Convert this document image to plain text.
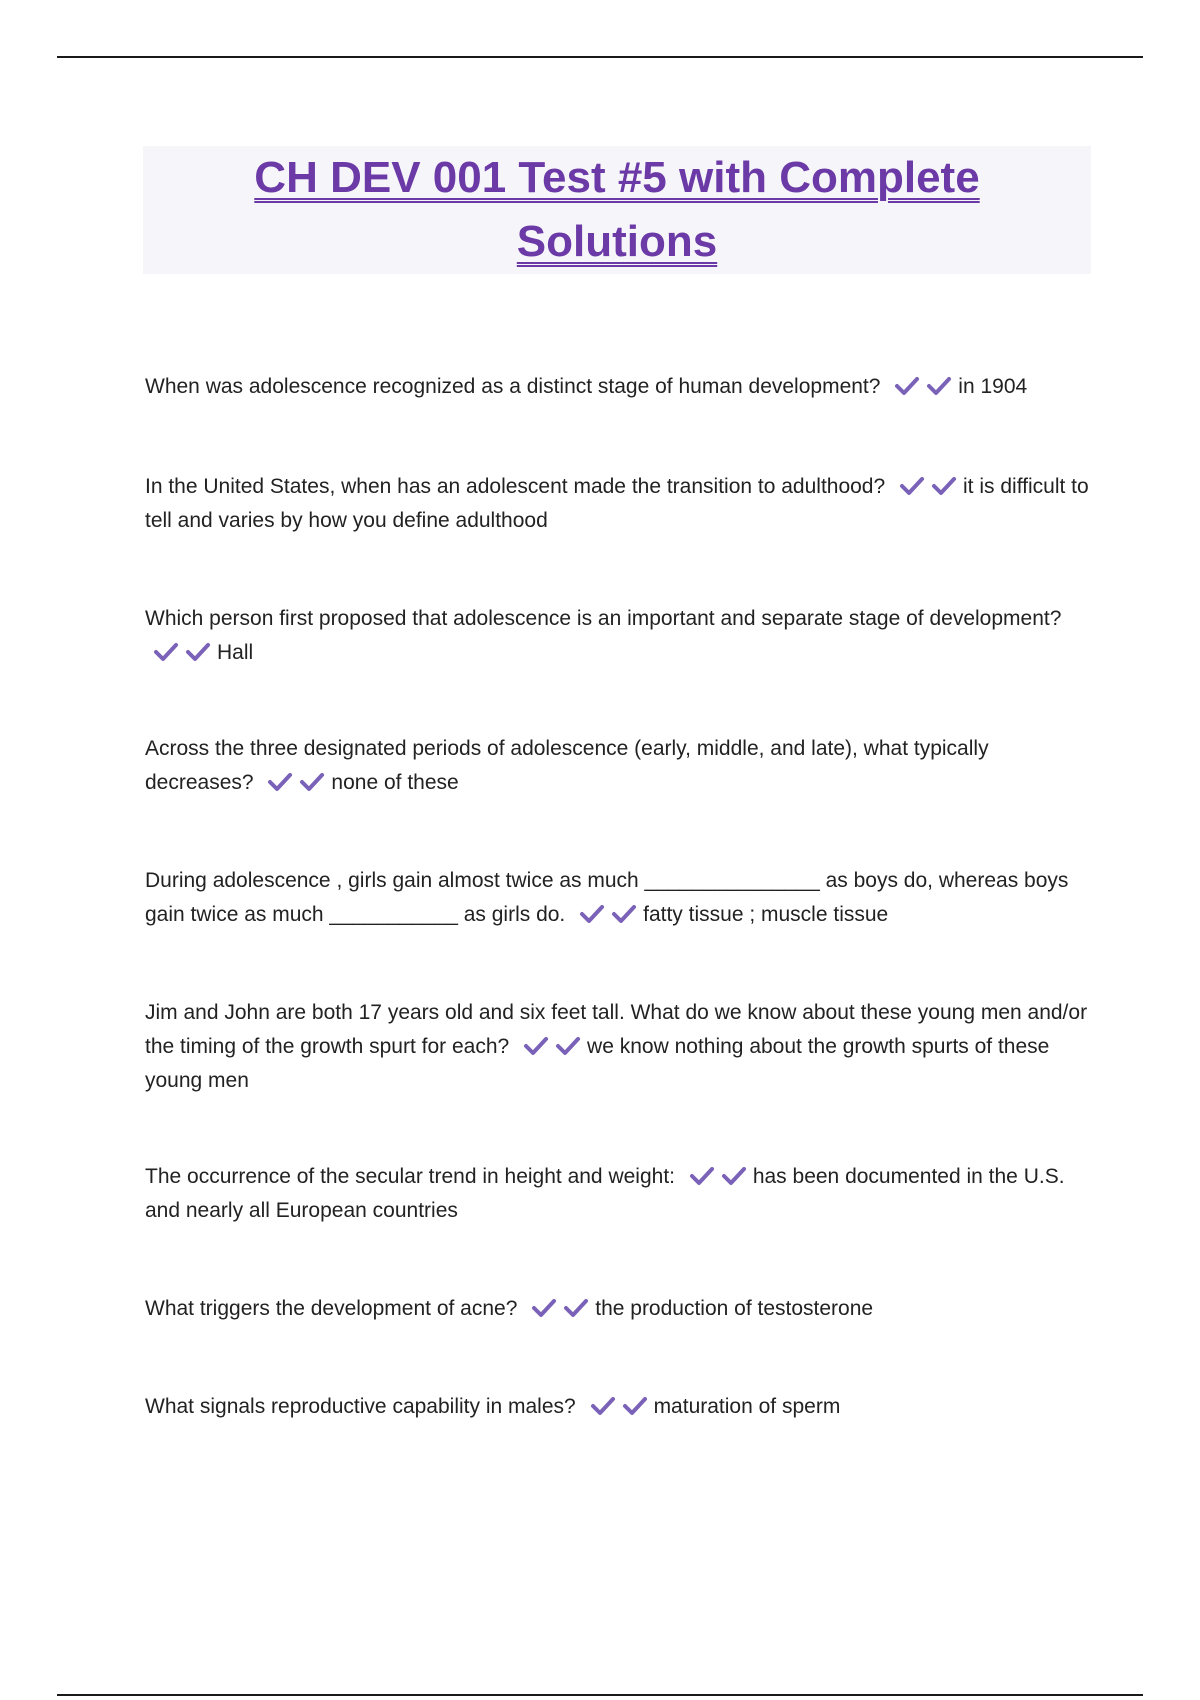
CH DEV 001 Test #5 with Complete Solutions

When was adolescence recognized as a distinct stage of human development?	in 1904

In the United States, when has an adolescent made the transition to adulthood?	it is difficult to tell and varies by how you define adulthood

Which person first proposed that adolescence is an important and separate stage of development? Hall

Across the three designated periods of adolescence (early, middle, and late), what typically decreases?	none of these

During adolescence , girls gain almost twice as much _______________ as boys do, whereas boys gain twice as much ___________ as girls do.	fatty tissue ; muscle tissue

Jim and John are both 17 years old and six feet tall. What do we know about these young men and/or the timing of the growth spurt for each?	we know nothing about the growth spurts of these young men

The occurrence of the secular trend in height and weight:	has been documented in the U.S. and nearly all European countries

What triggers the development of acne?	the production of testosterone

What signals reproductive capability in males?	maturation of sperm
